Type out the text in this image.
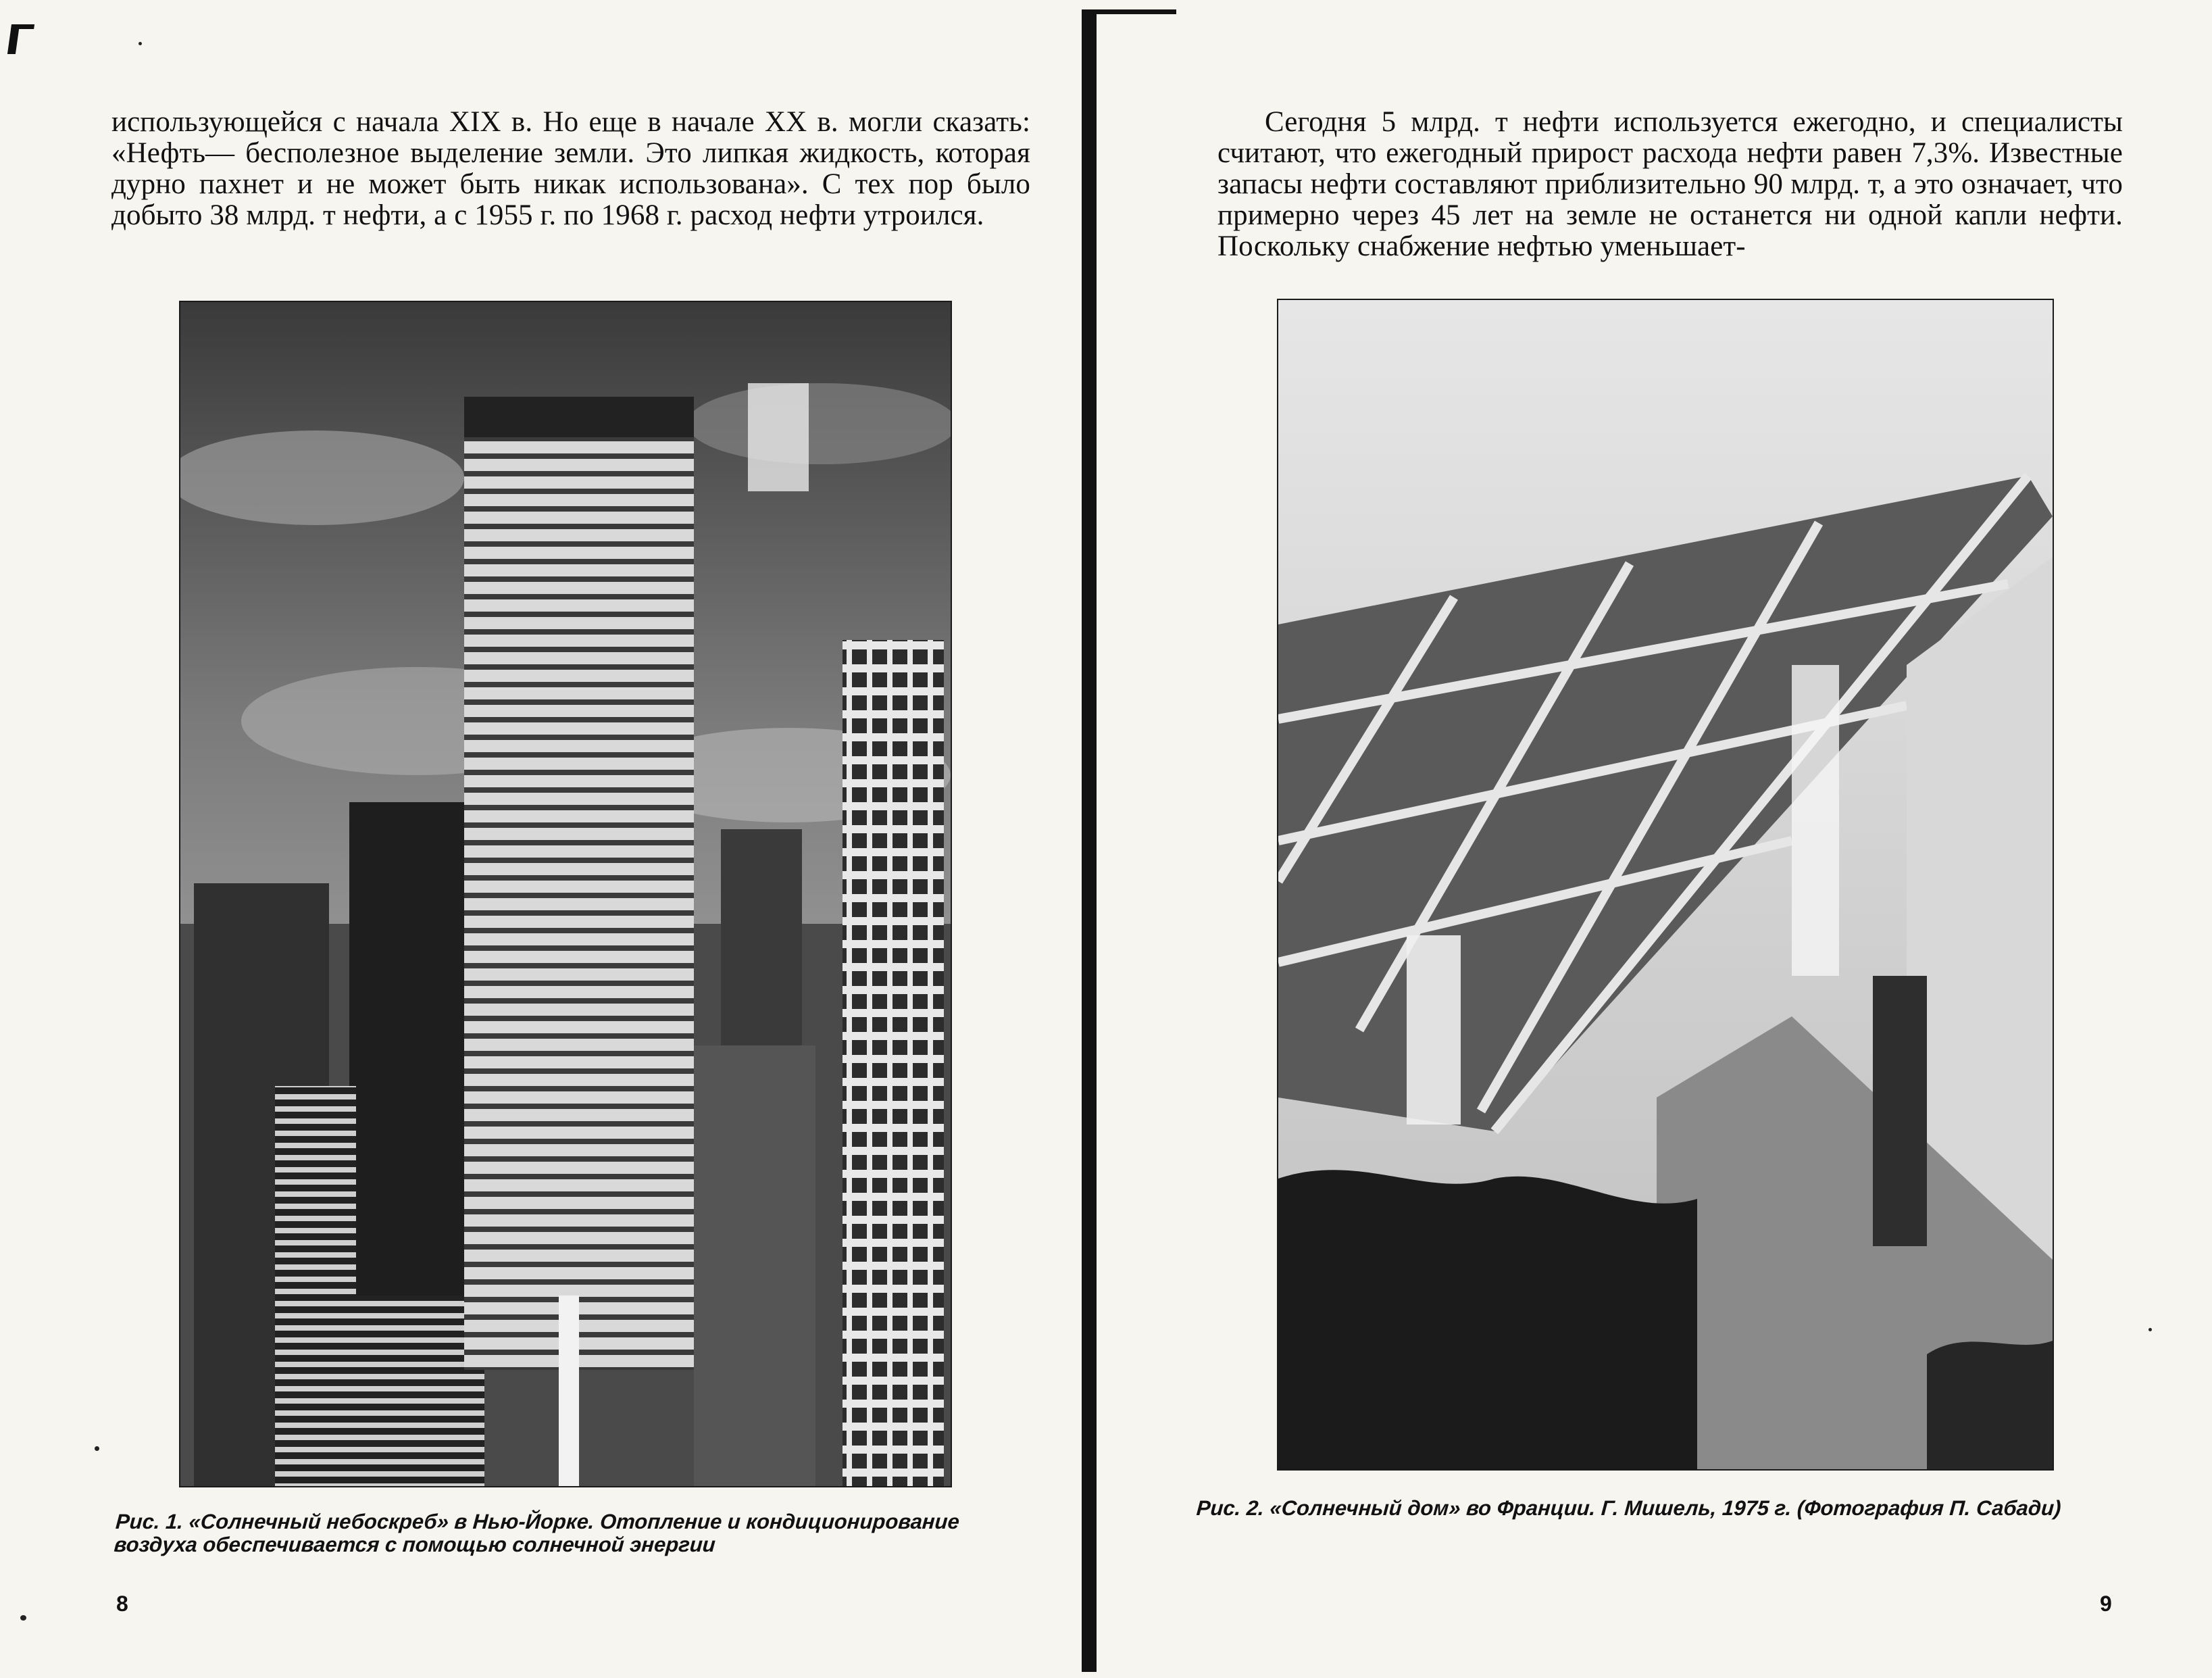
использующейся с начала XIX в. Но еще в начале XX в. могли сказать: «Нефть— бесполезное выделение земли. Это липкая жидкость, которая дурно пахнет и не может быть никак использована». С тех пор было добыто 38 млрд. т нефти, а с 1955 г. по 1968 г. расход нефти утроился.

Рис. 1. «Солнечный небоскреб» в Нью-Йорке. Отопление и кондиционирование воздуха обеспечивается с помощью солнечной энергии
8

Сегодня 5 млрд. т нефти используется ежегодно, и специалисты считают, что ежегодный прирост расхода нефти равен 7,3%. Известные запасы нефти составляют приблизительно 90 млрд. т, а это означает, что примерно через 45 лет на земле не останется ни одной капли нефти. Поскольку снабжение нефтью уменьшает-

Рис. 2. «Солнечный дом» во Франции. Г. Мишель, 1975 г. (Фотография П. Сабади)
9
